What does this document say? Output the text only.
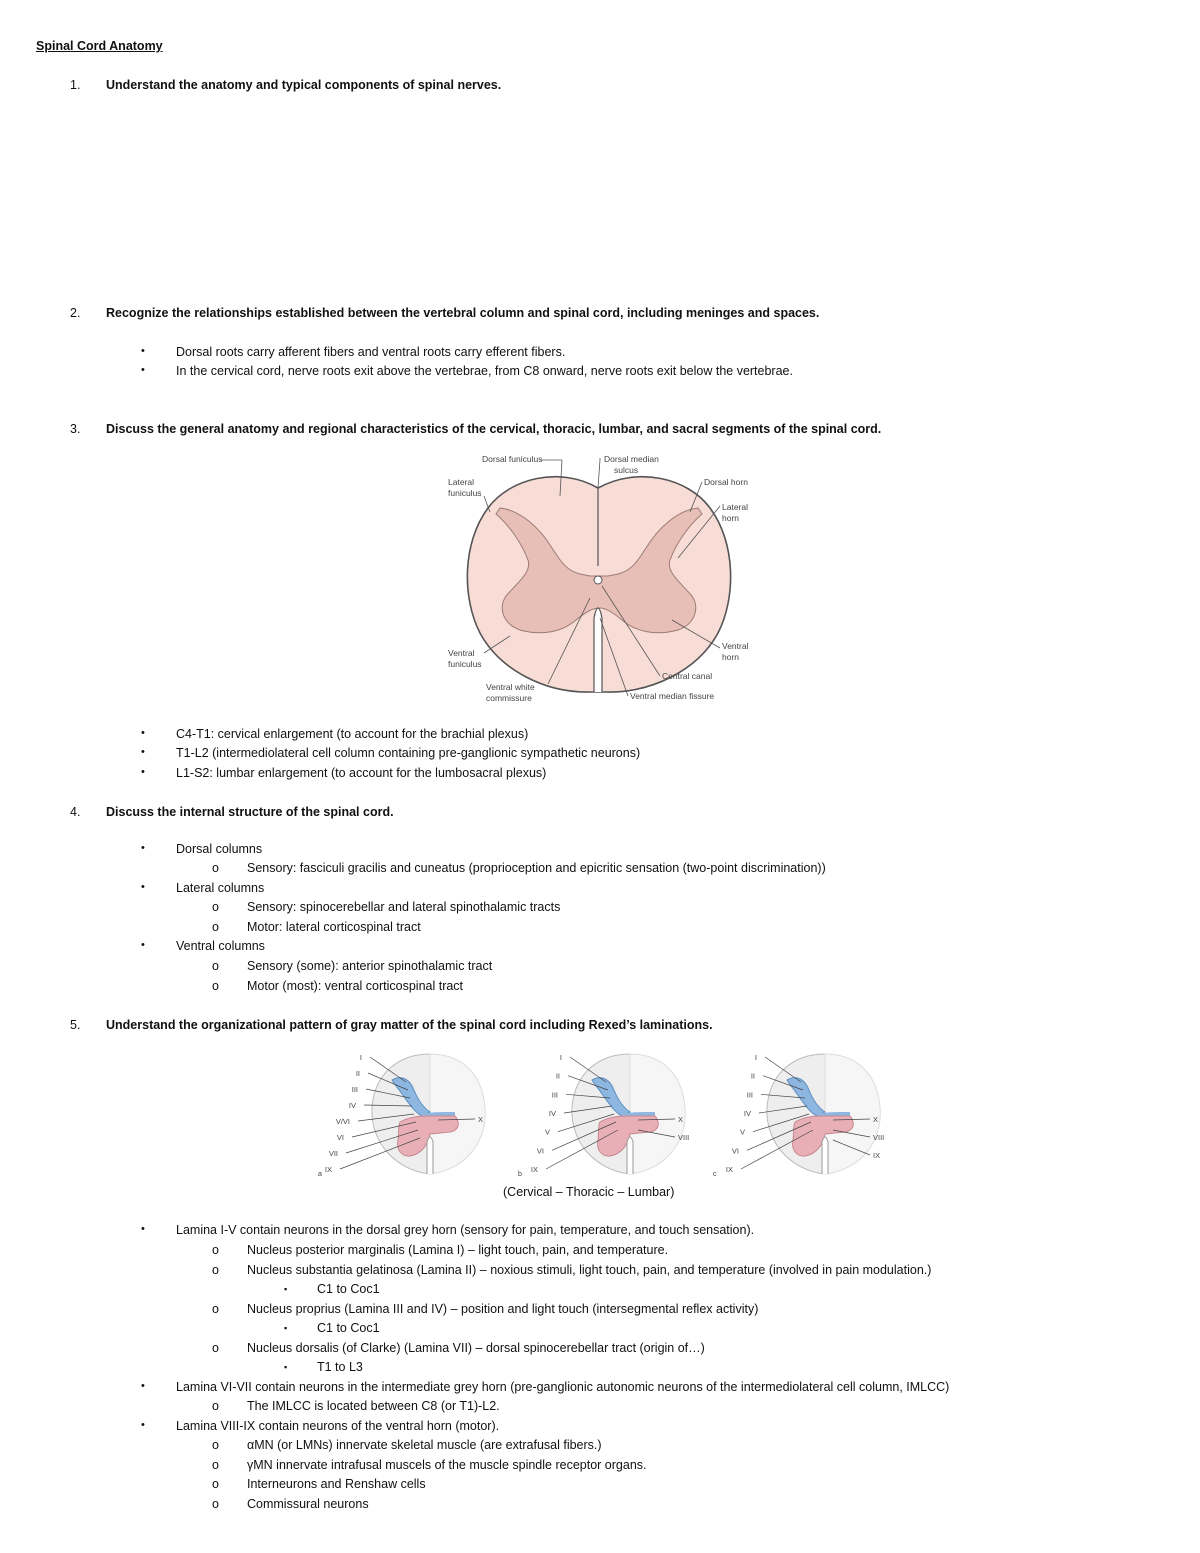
Spinal Cord Anatomy
1. Understand the anatomy and typical components of spinal nerves.
2. Recognize the relationships established between the vertebral column and spinal cord, including meninges and spaces.
• Dorsal roots carry afferent fibers and ventral roots carry efferent fibers.
• In the cervical cord, nerve roots exit above the vertebrae, from C8 onward, nerve roots exit below the vertebrae.
3. Discuss the general anatomy and regional characteristics of the cervical, thoracic, lumbar, and sacral segments of the spinal cord.
Dorsal funiculus	Dorsal median
sulcus
Lateral
funiculus
Dorsal horn
Lateral
horn
Ventral
funiculus
Ventral
horn
Central canal
Ventral white
commissure	Ventral median fissure
• C4-T1: cervical enlargement (to account for the brachial plexus)
• T1-L2 (intermediolateral cell column containing pre-ganglionic sympathetic neurons)
• L1-S2: lumbar enlargement (to account for the lumbosacral plexus)
4. Discuss the internal structure of the spinal cord.
• Dorsal columns
o Sensory: fasciculi gracilis and cuneatus (proprioception and epicritic sensation (two-point discrimination))
• Lateral columns
o Sensory: spinocerebellar and lateral spinothalamic tracts
o Motor: lateral corticospinal tract
• Ventral columns
o Sensory (some): anterior spinothalamic tract
o Motor (most): ventral corticospinal tract
5. Understand the organizational pattern of gray matter of the spinal cord including Rexed’s laminations.
I
II
III
IV
V/VI
VI
VII
IX
X
a
I
II
III
IV
V
VI
IX
X
VIII
b
I
II
III
IV
V
VI
IX
X
VIII
IX
c
(Cervical – Thoracic – Lumbar)
• Lamina I-V contain neurons in the dorsal grey horn (sensory for pain, temperature, and touch sensation).
o Nucleus posterior marginalis (Lamina I) – light touch, pain, and temperature.
o Nucleus substantia gelatinosa (Lamina II) – noxious stimuli, light touch, pain, and temperature (involved in pain modulation.)
▪ C1 to Coc1
o Nucleus proprius (Lamina III and IV) – position and light touch (intersegmental reflex activity)
▪ C1 to Coc1
o Nucleus dorsalis (of Clarke) (Lamina VII) – dorsal spinocerebellar tract (origin of…)
▪ T1 to L3
• Lamina VI-VII contain neurons in the intermediate grey horn (pre-ganglionic autonomic neurons of the intermediolateral cell column, IMLCC)
o The IMLCC is located between C8 (or T1)-L2.
• Lamina VIII-IX contain neurons of the ventral horn (motor).
o αMN (or LMNs) innervate skeletal muscle (are extrafusal fibers.)
o γMN innervate intrafusal muscels of the muscle spindle receptor organs.
o Interneurons and Renshaw cells
o Commissural neurons
